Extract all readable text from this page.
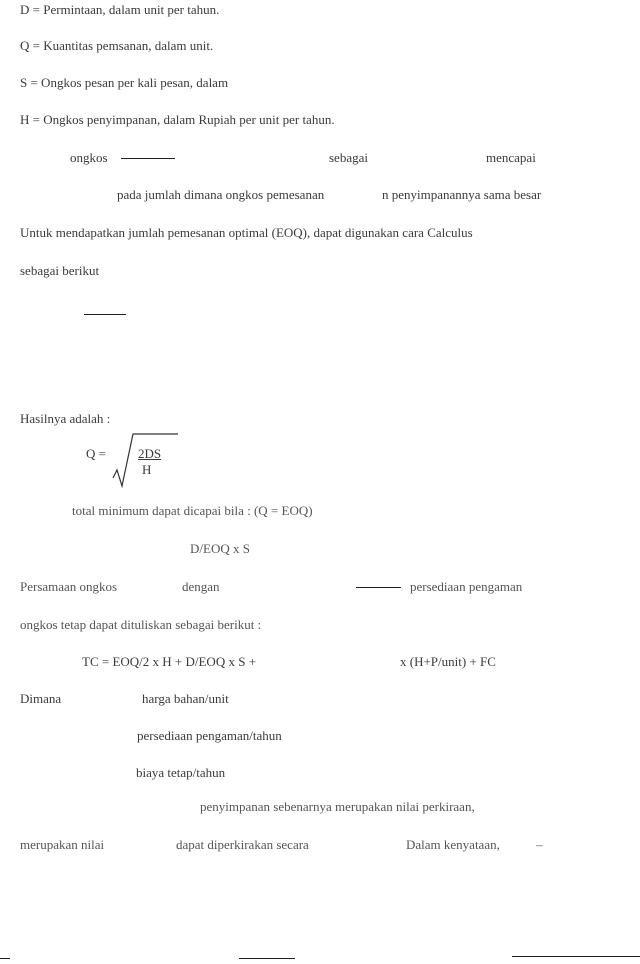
D = Permintaan, dalam unit per tahun.
Q = Kuantitas pemsanan, dalam unit.
S = Ongkos pesan per kali pesan, dalam
H = Ongkos penyimpanan, dalam Rupiah per unit per tahun.
ongkos	sebagai	mencapai
pada jumlah dimana ongkos pemesanan	n penyimpanannya sama besar
Untuk mendapatkan jumlah pemesanan optimal (EOQ), dapat digunakan cara Calculus
sebagai berikut
Hasilnya adalah :
Q =
$\frac{2DS}{H}$
total minimum dapat dicapai bila : (Q = EOQ)
D/EOQ x S
Persamaan ongkos	dengan	persediaan pengaman
ongkos tetap dapat dituliskan sebagai berikut :
TC = EOQ/2 x H + D/EOQ x S +	x (H+P/unit) + FC
Dimana	harga bahan/unit
persediaan pengaman/tahun
biaya tetap/tahun
penyimpanan sebenarnya merupakan nilai perkiraan,
merupakan nilai	dapat diperkirakan secara	Dalam kenyataan,	–
